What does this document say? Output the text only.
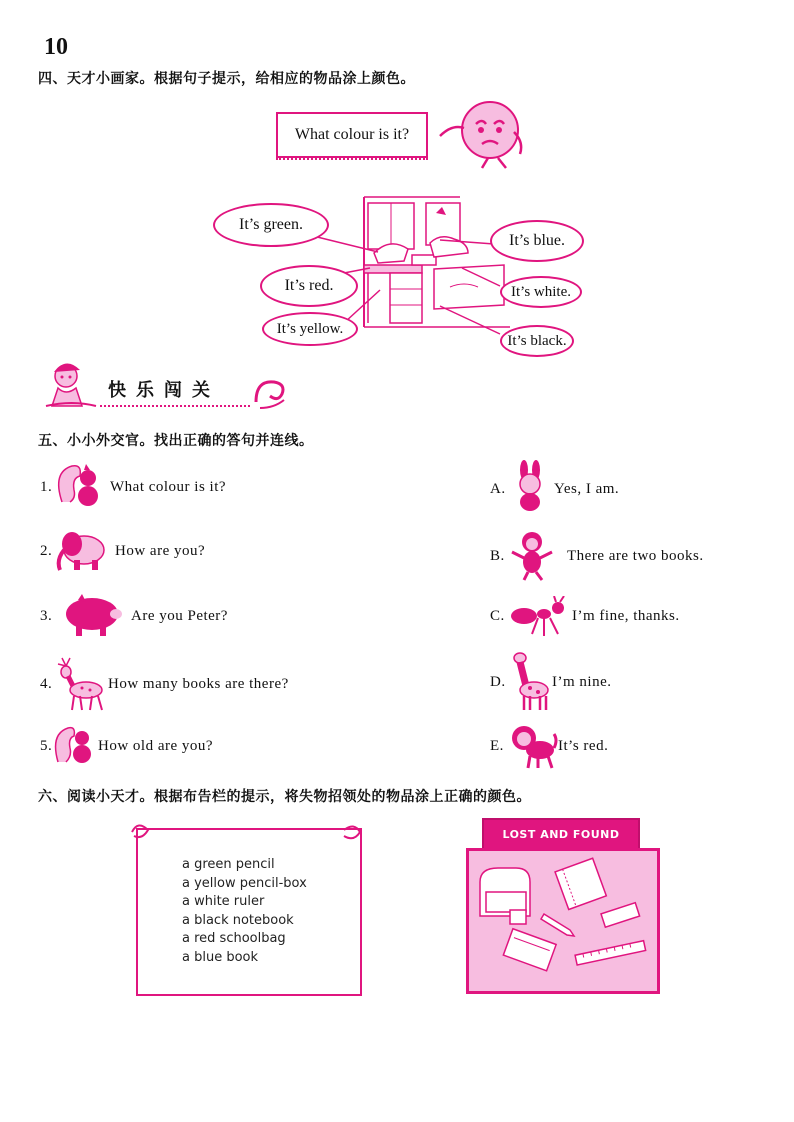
10
四、天才小画家。根据句子提示，给相应的物品涂上颜色。
What colour is it?
It’s green.
It’s blue.
It’s red.	It’s white.
It’s yellow.
It’s black.
快乐闯关
五、小小外交官。找出正确的答句并连线。
1.	What colour is it?
2.	How are you?
3.	Are you Peter?
4.	How many books are there?
5.	How old are you?
A.	Yes, I am.
B.	There are two books.
C.	I’m fine, thanks.
D.	I’m nine.
E.	It’s red.
六、阅读小天才。根据布告栏的提示，将失物招领处的物品涂上正确的颜色。
a green pencil
a yellow pencil-box
a white ruler
a black notebook
a red schoolbag
a blue book
LOST AND FOUND
